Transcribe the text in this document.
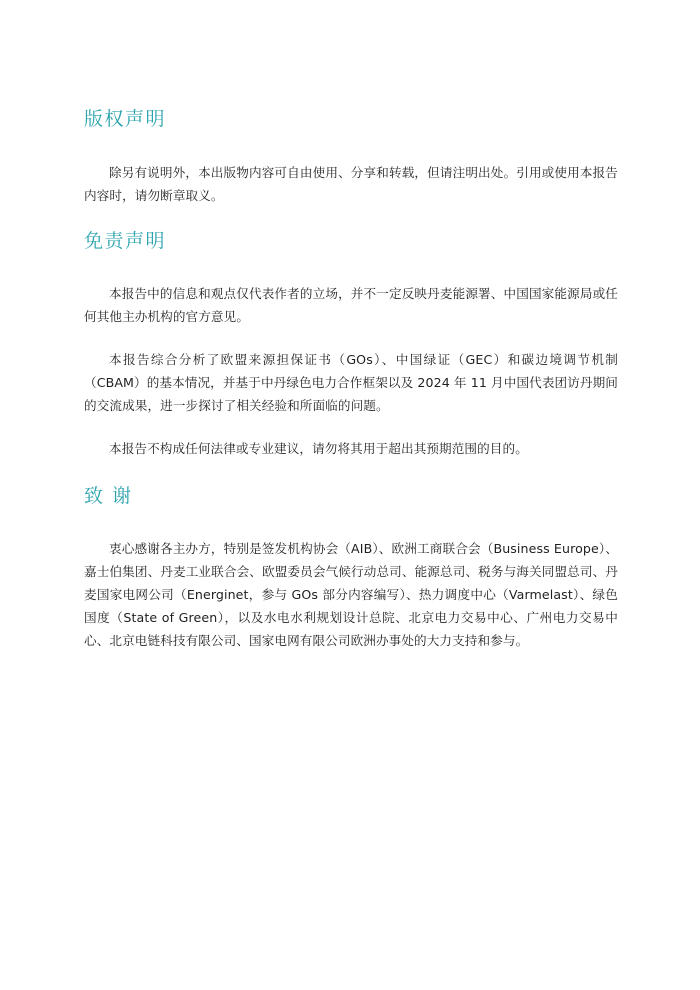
版权声明

除另有说明外，本出版物内容可自由使用、分享和转载，但请注明出处。引用或使用本报告内容时，请勿断章取义。

免责声明

本报告中的信息和观点仅代表作者的立场，并不一定反映丹麦能源署、中国国家能源局或任何其他主办机构的官方意见。

本报告综合分析了欧盟来源担保证书（GOs）、中国绿证（GEC）和碳边境调节机制（CBAM）的基本情况，并基于中丹绿色电力合作框架以及 2024 年 11 月中国代表团访丹期间的交流成果，进一步探讨了相关经验和所面临的问题。

本报告不构成任何法律或专业建议，请勿将其用于超出其预期范围的目的。

致 谢

衷心感谢各主办方，特别是签发机构协会（AIB）、欧洲工商联合会（Business Europe）、嘉士伯集团、丹麦工业联合会、欧盟委员会气候行动总司、能源总司、税务与海关同盟总司、丹麦国家电网公司（Energinet，参与 GOs 部分内容编写）、热力调度中心（Varmelast）、绿色国度（State of Green），以及水电水利规划设计总院、北京电力交易中心、广州电力交易中心、北京电链科技有限公司、国家电网有限公司欧洲办事处的大力支持和参与。
